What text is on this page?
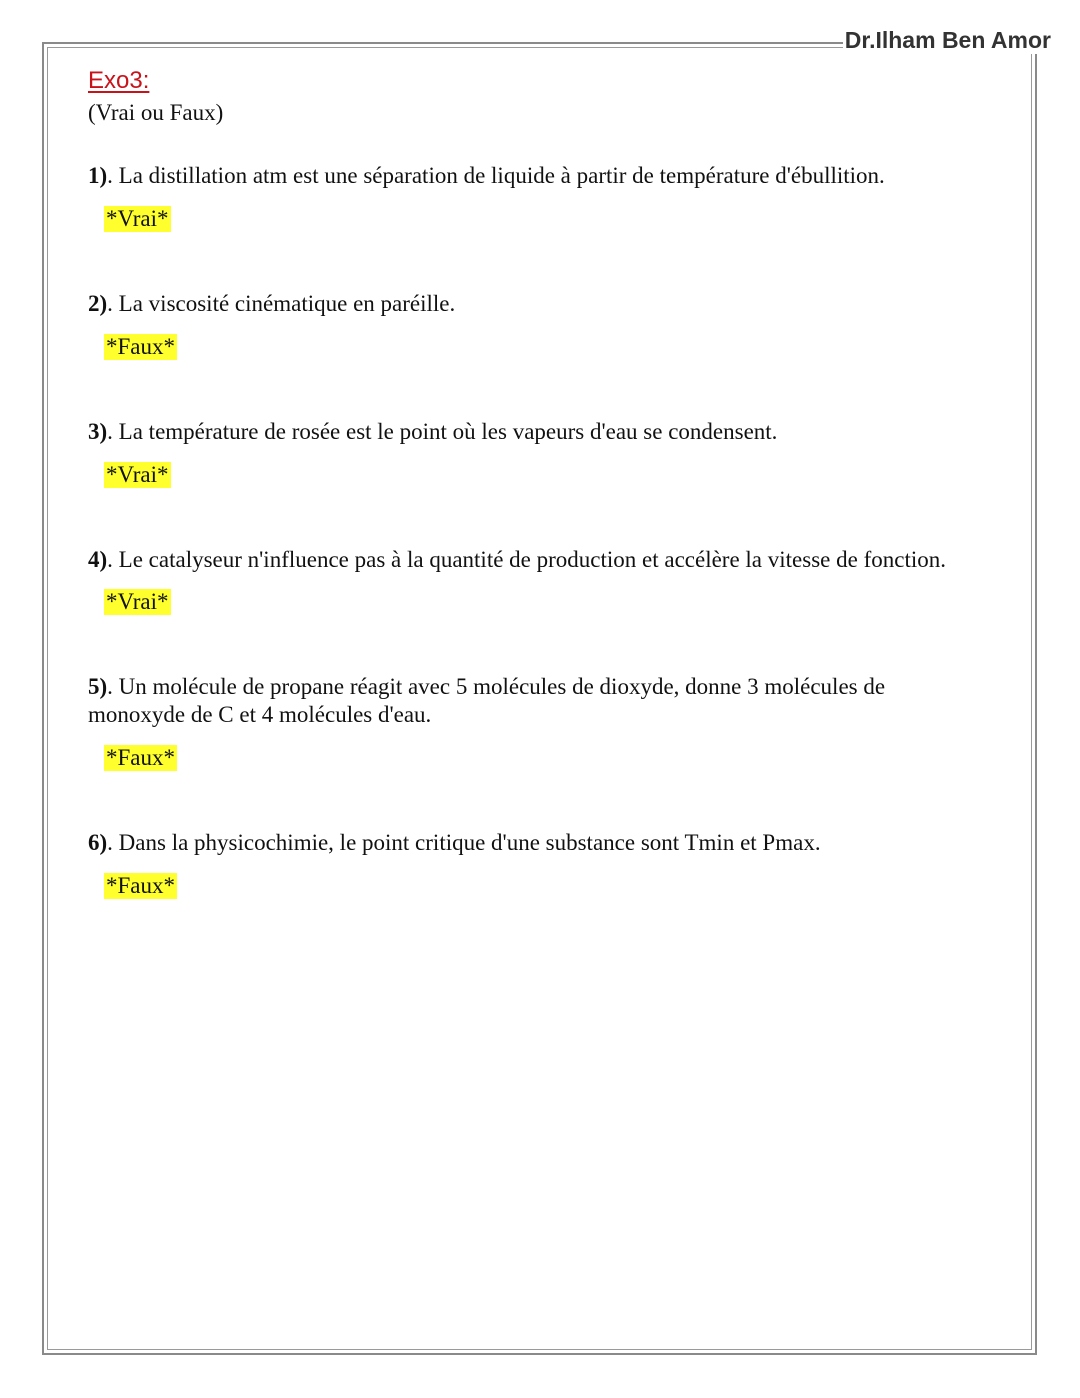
Dr.Ilham Ben Amor
Exo3:
(Vrai ou Faux)
1). La distillation atm est une séparation de liquide à partir de température d'ébullition.
*Vrai*
2). La viscosité cinématique en paréille.
*Faux*
3). La température de rosée est le point où les vapeurs d'eau se condensent.
*Vrai*
4). Le catalyseur n'influence pas à la quantité de production et accélère la vitesse de fonction.
*Vrai*
5). Un molécule de propane réagit avec 5 molécules de dioxyde, donne 3 molécules de monoxyde de C et 4 molécules d'eau.
*Faux*
6). Dans la physicochimie, le point critique d'une substance sont Tmin et Pmax.
*Faux*
